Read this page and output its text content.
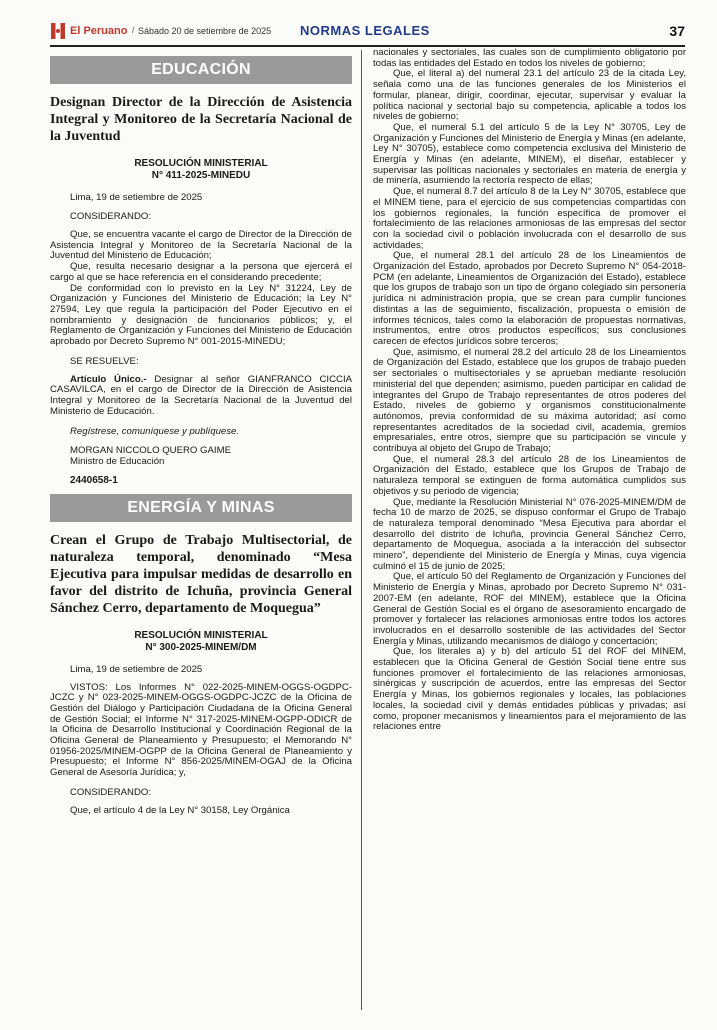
El Peruano / Sábado 20 de setiembre de 2025 NORMAS LEGALES	37
EDUCACIÓN
Designan Director de la Dirección de Asistencia Integral y Monitoreo de la Secretaría Nacional de la Juventud
RESOLUCIÓN MINISTERIAL
N° 411-2025-MINEDU

Lima, 19 de setiembre de 2025

CONSIDERANDO:

Que, se encuentra vacante el cargo de Director de la Dirección de Asistencia Integral y Monitoreo de la Secretaría Nacional de la Juventud del Ministerio de Educación;

Que, resulta necesario designar a la persona que ejercerá el cargo al que se hace referencia en el considerando precedente;

De conformidad con lo previsto en la Ley N° 31224, Ley de Organización y Funciones del Ministerio de Educación; la Ley N° 27594, Ley que regula la participación del Poder Ejecutivo en el nombramiento y designación de funcionarios públicos; y, el Reglamento de Organización y Funciones del Ministerio de Educación aprobado por Decreto Supremo N° 001-2015-MINEDU;

SE RESUELVE:

Artículo Único.- Designar al señor GIANFRANCO CICCIA CASAVILCA, en el cargo de Director de la Dirección de Asistencia Integral y Monitoreo de la Secretaría Nacional de la Juventud del Ministerio de Educación.

Regístrese, comuníquese y publíquese.

MORGAN NICCOLO QUERO GAIME

Ministro de Educación

2440658-1

ENERGÍA Y MINAS
Crean el Grupo de Trabajo Multisectorial, de naturaleza temporal, denominado “Mesa Ejecutiva para impulsar medidas de desarrollo en favor del distrito de Ichuña, provincia General Sánchez Cerro, departamento de Moquegua”
RESOLUCIÓN MINISTERIAL
N° 300-2025-MINEM/DM

Lima, 19 de setiembre de 2025

VISTOS: Los Informes N° 022-2025-MINEM-OGGS-OGDPC-JCZC y N° 023-2025-MINEM-OGGS-OGDPC-JCZC de la Oficina de Gestión del Diálogo y Participación Ciudadana de la Oficina General de Gestión Social; el Informe N° 317-2025-MINEM-OGPP-ODICR de la Oficina de Desarrollo Institucional y Coordinación Regional de la Oficina General de Planeamiento y Presupuesto; el Memorando N° 01956-2025/MINEM-OGPP de la Oficina General de Planeamiento y Presupuesto; el Informe N° 856-2025/MINEM-OGAJ de la Oficina General de Asesoría Jurídica; y,

CONSIDERANDO:

Que, el artículo 4 de la Ley N° 30158, Ley Orgánica

nacionales y sectoriales, las cuales son de cumplimiento obligatorio por todas las entidades del Estado en todos los niveles de gobierno;

Que, el literal a) del numeral 23.1 del artículo 23 de la citada Ley, señala como una de las funciones generales de los Ministerios el formular, planear, dirigir, coordinar, ejecutar, supervisar y evaluar la política nacional y sectorial bajo su competencia, aplicable a todos los niveles de gobierno;

Que, el numeral 5.1 del artículo 5 de la Ley N° 30705, Ley de Organización y Funciones del Ministerio de Energía y Minas (en adelante, Ley N° 30705), establece como competencia exclusiva del Ministerio de Energía y Minas (en adelante, MINEM), el diseñar, establecer y supervisar las políticas nacionales y sectoriales en materia de energía y de minería, asumiendo la rectoría respecto de ellas;

Que, el numeral 8.7 del artículo 8 de la Ley N° 30705, establece que el MINEM tiene, para el ejercicio de sus competencias compartidas con los gobiernos regionales, la función específica de promover el fortalecimiento de las relaciones armoniosas de las empresas del sector con la sociedad civil o población involucrada con el desarrollo de sus actividades;

Que, el numeral 28.1 del artículo 28 de los Lineamientos de Organización del Estado, aprobados por Decreto Supremo N° 054-2018-PCM (en adelante, Lineamientos de Organización del Estado), establece que los grupos de trabajo son un tipo de órgano colegiado sin personería jurídica ni administración propia, que se crean para cumplir funciones distintas a las de seguimiento, fiscalización, propuesta o emisión de informes técnicos, tales como la elaboración de propuestas normativas, instrumentos, entre otros productos específicos; sus conclusiones carecen de efectos jurídicos sobre terceros;

Que, asimismo, el numeral 28.2 del artículo 28 de los Lineamientos de Organización del Estado, establece que los grupos de trabajo pueden ser sectoriales o multisectoriales y se aprueban mediante resolución ministerial del que dependen; asimismo, pueden participar en calidad de integrantes del Grupo de Trabajo representantes de otros poderes del Estado, niveles de gobierno y organismos constitucionalmente autónomos, previa conformidad de su máxima autoridad; así como representantes acreditados de la sociedad civil, academia, gremios empresariales, entre otros, siempre que su participación se vincule y contribuya al objeto del Grupo de Trabajo;

Que, el numeral 28.3 del artículo 28 de los Lineamientos de Organización del Estado, establece que los Grupos de Trabajo de naturaleza temporal se extinguen de forma automática cumplidos sus objetivos y su periodo de vigencia;

Que, mediante la Resolución Ministerial N° 076-2025-MINEM/DM de fecha 10 de marzo de 2025, se dispuso conformar el Grupo de Trabajo de naturaleza temporal denominado “Mesa Ejecutiva para abordar el desarrollo del distrito de Ichuña, provincia General Sánchez Cerro, departamento de Moquegua, asociada a la interacción del subsector minero”, dependiente del Ministerio de Energía y Minas, cuya vigencia culminó el 15 de junio de 2025;

Que, el artículo 50 del Reglamento de Organización y Funciones del Ministerio de Energía y Minas, aprobado por Decreto Supremo N° 031-2007-EM (en adelante, ROF del MINEM), establece que la Oficina General de Gestión Social es el órgano de asesoramiento encargado de promover y fortalecer las relaciones armoniosas entre todos los actores involucrados en el desarrollo sostenible de las actividades del Sector Energía y Minas, utilizando mecanismos de diálogo y concertación;

Que, los literales a) y b) del artículo 51 del ROF del MINEM, establecen que la Oficina General de Gestión Social tiene entre sus funciones promover el fortalecimiento de las relaciones armoniosas, sinérgicas y suscripción de acuerdos, entre las empresas del Sector Energía y Minas, los gobiernos regionales y locales, las poblaciones locales, la sociedad civil y demás entidades públicas y privadas; así como, proponer mecanismos y lineamientos para el mejoramiento de las relaciones entre
